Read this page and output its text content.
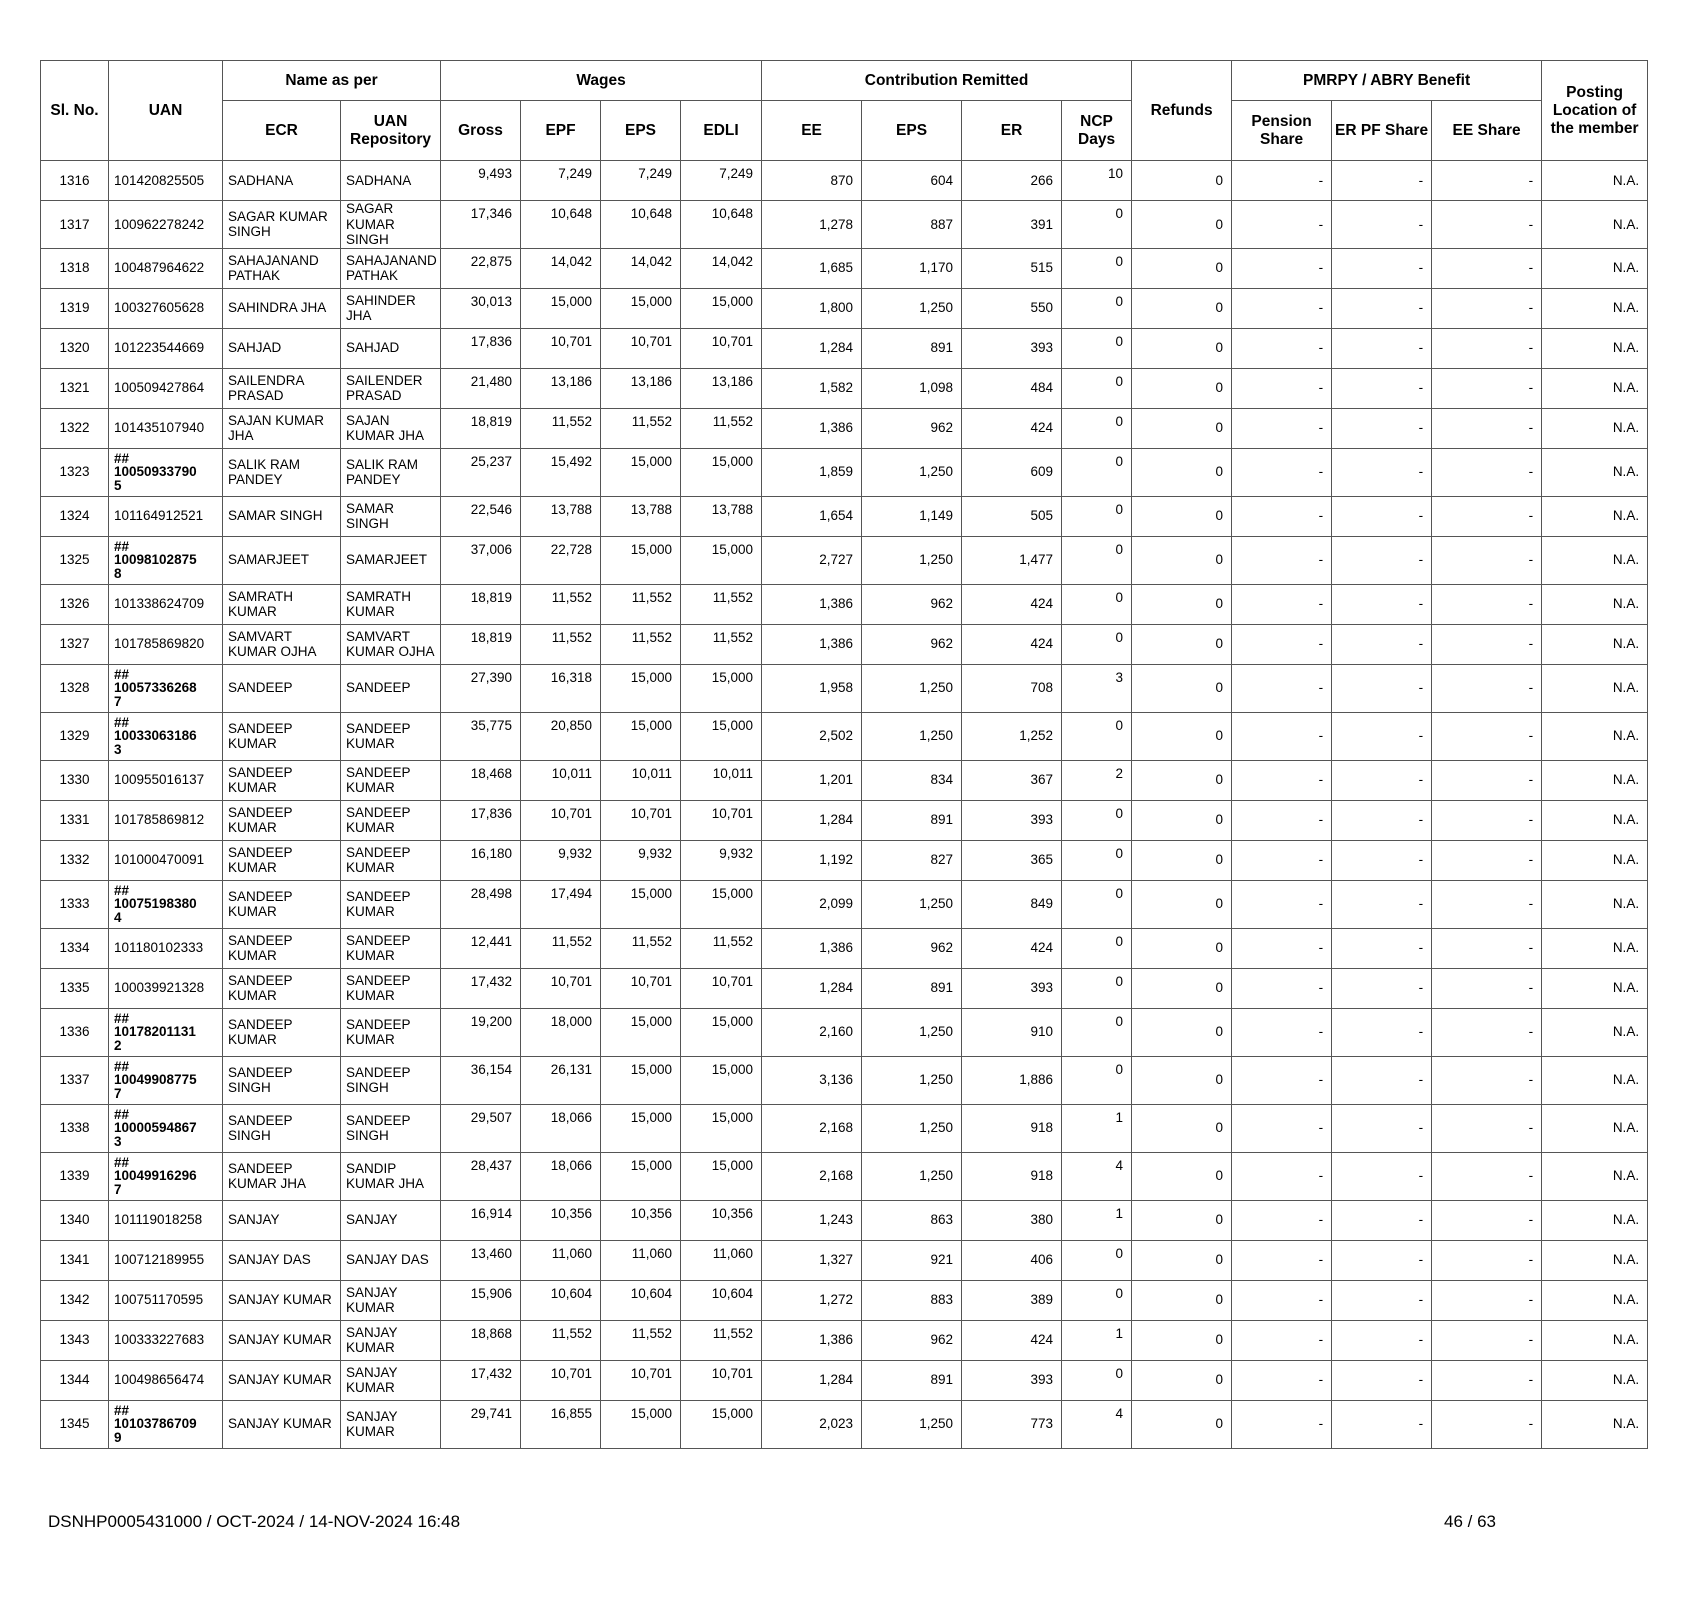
Sl. No.	UAN	Name as per		Wages				Contribution Remitted				Refunds	PMRPY / ABRY Benefit			Posting Location of the member
		ECR	UAN Repository	Gross	EPF	EPS	EDLI	EE	EPS	ER	NCP Days		Pension Share	ER PF Share	EE Share	
1316	101420825505	SADHANA	SADHANA	9,493	7,249	7,249	7,249	870	604	266	10	0	-	-	-	N.A.
1317	100962278242	SAGAR KUMAR SINGH	SAGAR KUMAR SINGH	17,346	10,648	10,648	10,648	1,278	887	391	0	0	-	-	-	N.A.
1318	100487964622	SAHAJANAND PATHAK	SAHAJANAND PATHAK	22,875	14,042	14,042	14,042	1,685	1,170	515	0	0	-	-	-	N.A.
1319	100327605628	SAHINDRA JHA	SAHINDER JHA	30,013	15,000	15,000	15,000	1,800	1,250	550	0	0	-	-	-	N.A.
1320	101223544669	SAHJAD	SAHJAD	17,836	10,701	10,701	10,701	1,284	891	393	0	0	-	-	-	N.A.
1321	100509427864	SAILENDRA PRASAD	SAILENDER PRASAD	21,480	13,186	13,186	13,186	1,582	1,098	484	0	0	-	-	-	N.A.
1322	101435107940	SAJAN KUMAR JHA	SAJAN KUMAR JHA	18,819	11,552	11,552	11,552	1,386	962	424	0	0	-	-	-	N.A.
1323	##
10050933790
5	SALIK RAM PANDEY	SALIK RAM PANDEY	25,237	15,492	15,000	15,000	1,859	1,250	609	0	0	-	-	-	N.A.
1324	101164912521	SAMAR SINGH	SAMAR SINGH	22,546	13,788	13,788	13,788	1,654	1,149	505	0	0	-	-	-	N.A.
1325	##
10098102875
8	SAMARJEET	SAMARJEET	37,006	22,728	15,000	15,000	2,727	1,250	1,477	0	0	-	-	-	N.A.
1326	101338624709	SAMRATH KUMAR	SAMRATH KUMAR	18,819	11,552	11,552	11,552	1,386	962	424	0	0	-	-	-	N.A.
1327	101785869820	SAMVART KUMAR OJHA	SAMVART KUMAR OJHA	18,819	11,552	11,552	11,552	1,386	962	424	0	0	-	-	-	N.A.
1328	##
10057336268
7	SANDEEP	SANDEEP	27,390	16,318	15,000	15,000	1,958	1,250	708	3	0	-	-	-	N.A.
1329	##
10033063186
3	SANDEEP KUMAR	SANDEEP KUMAR	35,775	20,850	15,000	15,000	2,502	1,250	1,252	0	0	-	-	-	N.A.
1330	100955016137	SANDEEP KUMAR	SANDEEP KUMAR	18,468	10,011	10,011	10,011	1,201	834	367	2	0	-	-	-	N.A.
1331	101785869812	SANDEEP KUMAR	SANDEEP KUMAR	17,836	10,701	10,701	10,701	1,284	891	393	0	0	-	-	-	N.A.
1332	101000470091	SANDEEP KUMAR	SANDEEP KUMAR	16,180	9,932	9,932	9,932	1,192	827	365	0	0	-	-	-	N.A.
1333	##
10075198380
4	SANDEEP KUMAR	SANDEEP KUMAR	28,498	17,494	15,000	15,000	2,099	1,250	849	0	0	-	-	-	N.A.
1334	101180102333	SANDEEP KUMAR	SANDEEP KUMAR	12,441	11,552	11,552	11,552	1,386	962	424	0	0	-	-	-	N.A.
1335	100039921328	SANDEEP KUMAR	SANDEEP KUMAR	17,432	10,701	10,701	10,701	1,284	891	393	0	0	-	-	-	N.A.
1336	##
10178201131
2	SANDEEP KUMAR	SANDEEP KUMAR	19,200	18,000	15,000	15,000	2,160	1,250	910	0	0	-	-	-	N.A.
1337	##
10049908775
7	SANDEEP SINGH	SANDEEP SINGH	36,154	26,131	15,000	15,000	3,136	1,250	1,886	0	0	-	-	-	N.A.
1338	##
10000594867
3	SANDEEP SINGH	SANDEEP SINGH	29,507	18,066	15,000	15,000	2,168	1,250	918	1	0	-	-	-	N.A.
1339	##
10049916296
7	SANDEEP KUMAR JHA	SANDIP KUMAR JHA	28,437	18,066	15,000	15,000	2,168	1,250	918	4	0	-	-	-	N.A.
1340	101119018258	SANJAY	SANJAY	16,914	10,356	10,356	10,356	1,243	863	380	1	0	-	-	-	N.A.
1341	100712189955	SANJAY DAS	SANJAY DAS	13,460	11,060	11,060	11,060	1,327	921	406	0	0	-	-	-	N.A.
1342	100751170595	SANJAY KUMAR	SANJAY KUMAR	15,906	10,604	10,604	10,604	1,272	883	389	0	0	-	-	-	N.A.
1343	100333227683	SANJAY KUMAR	SANJAY KUMAR	18,868	11,552	11,552	11,552	1,386	962	424	1	0	-	-	-	N.A.
1344	100498656474	SANJAY KUMAR	SANJAY KUMAR	17,432	10,701	10,701	10,701	1,284	891	393	0	0	-	-	-	N.A.
1345	##
10103786709
9	SANJAY KUMAR	SANJAY KUMAR	29,741	16,855	15,000	15,000	2,023	1,250	773	4	0	-	-	-	N.A.
DSNHP0005431000 / OCT-2024 / 14-NOV-2024 16:48	46 / 63
